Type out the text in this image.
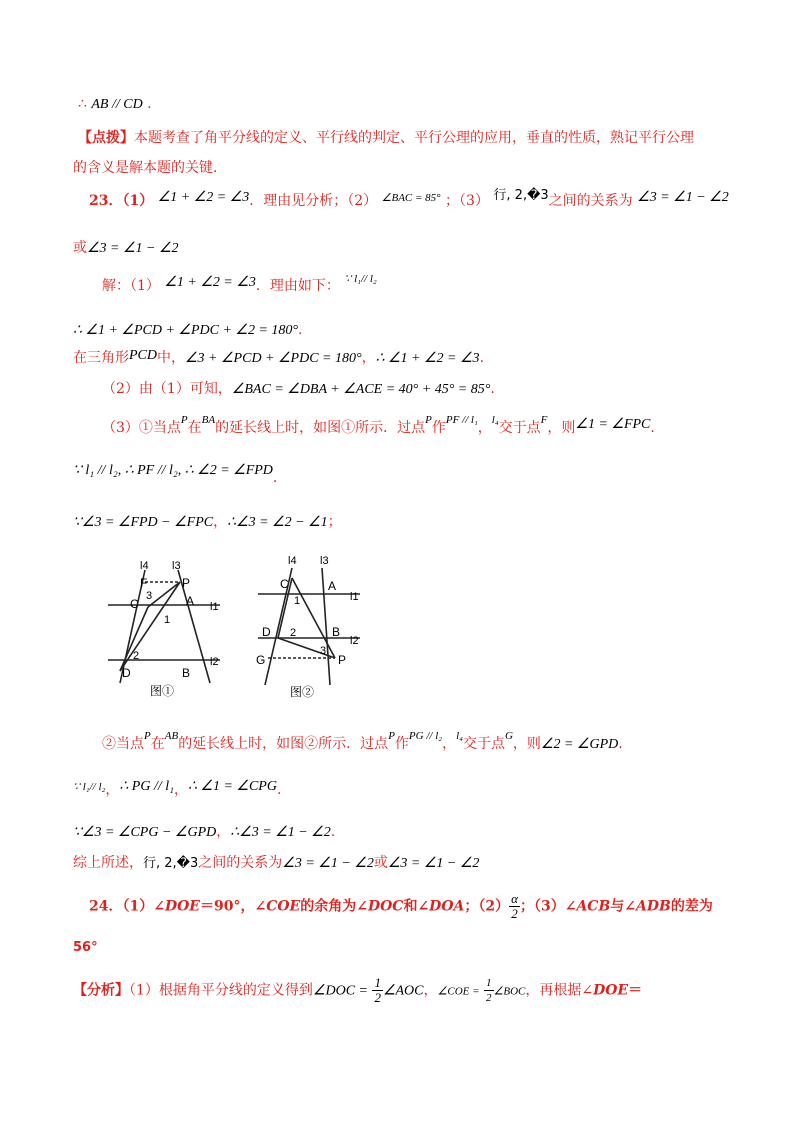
∴ AB // CD .
【点拨】本题考查了角平分线的定义、平行线的判定、平行公理的应用，垂直的性质，熟记平行公理
的含义是解本题的关键．
23．（1） ∠1 + ∠2 = ∠3．理由见分析；（2） $^{\angle BAC = 85^\circ}$ ；（3） 行, 2,�3之间的关系为 ∠3 = ∠1 − ∠2
或∠3 = ∠1 − ∠2
解：（1） ∠1 + ∠2 = ∠3．理由如下： $^{\because l_1// l_2}$
∴ ∠1 + ∠PCD + ∠PDC + ∠2 = 180°.
在三角形PCD中，∠3 + ∠PCD + ∠PDC = 180°，∴ ∠1 + ∠2 = ∠3.
（2）由（1）可知，∠BAC = ∠DBA + ∠ACE = 40° + 45° = 85°.
（3）①当点$^P$在$^{BA}$的延长线上时，如图①所示．过点$^P$作$^{PF // l_1}$，$^{l_4}$交于点$^F$，则∠1 = ∠FPC.
∵ l₁ // l₂, ∴ PF // l₂, ∴ ∠2 = ∠FPD.
∵∠3 = ∠FPD − ∠FPC，∴∠3 = ∠2 − ∠1；
l4 l3
F	P
C
3	A l1
1
2	l2
D	B
图①
l4 l3
C	A
l1
1
D 2	B
l2
G
3
P
图②
②当点$^P$在$^{AB}$的延长线上时，如图②所示．过点$^P$作$^{PG // l_2}$，$^{l_4}$交于点$^G$，则∠2 = ∠GPD.
$^{\because l_1// l_2}$，∴ PG // l₁，∴ ∠1 = ∠CPG.
∵∠3 = ∠CPG − ∠GPD，∴∠3 = ∠1 − ∠2.
综上所述，行, 2,�3之间的关系为∠3 = ∠1 − ∠2或∠3 = ∠1 − ∠2
24．（1）∠DOE＝90°，∠COE的余角为∠DOC和∠DOA；$(2) \frac{\alpha}{2}$ ；（3）∠ACB与∠ADB的差为
56°
【分析】（1）根据角平分线的定义得到∠DOC = $\frac{1}{2}$ ∠AOC，∠COE = $\frac{1}{2}$ ∠BOC，再根据∠DOE＝
